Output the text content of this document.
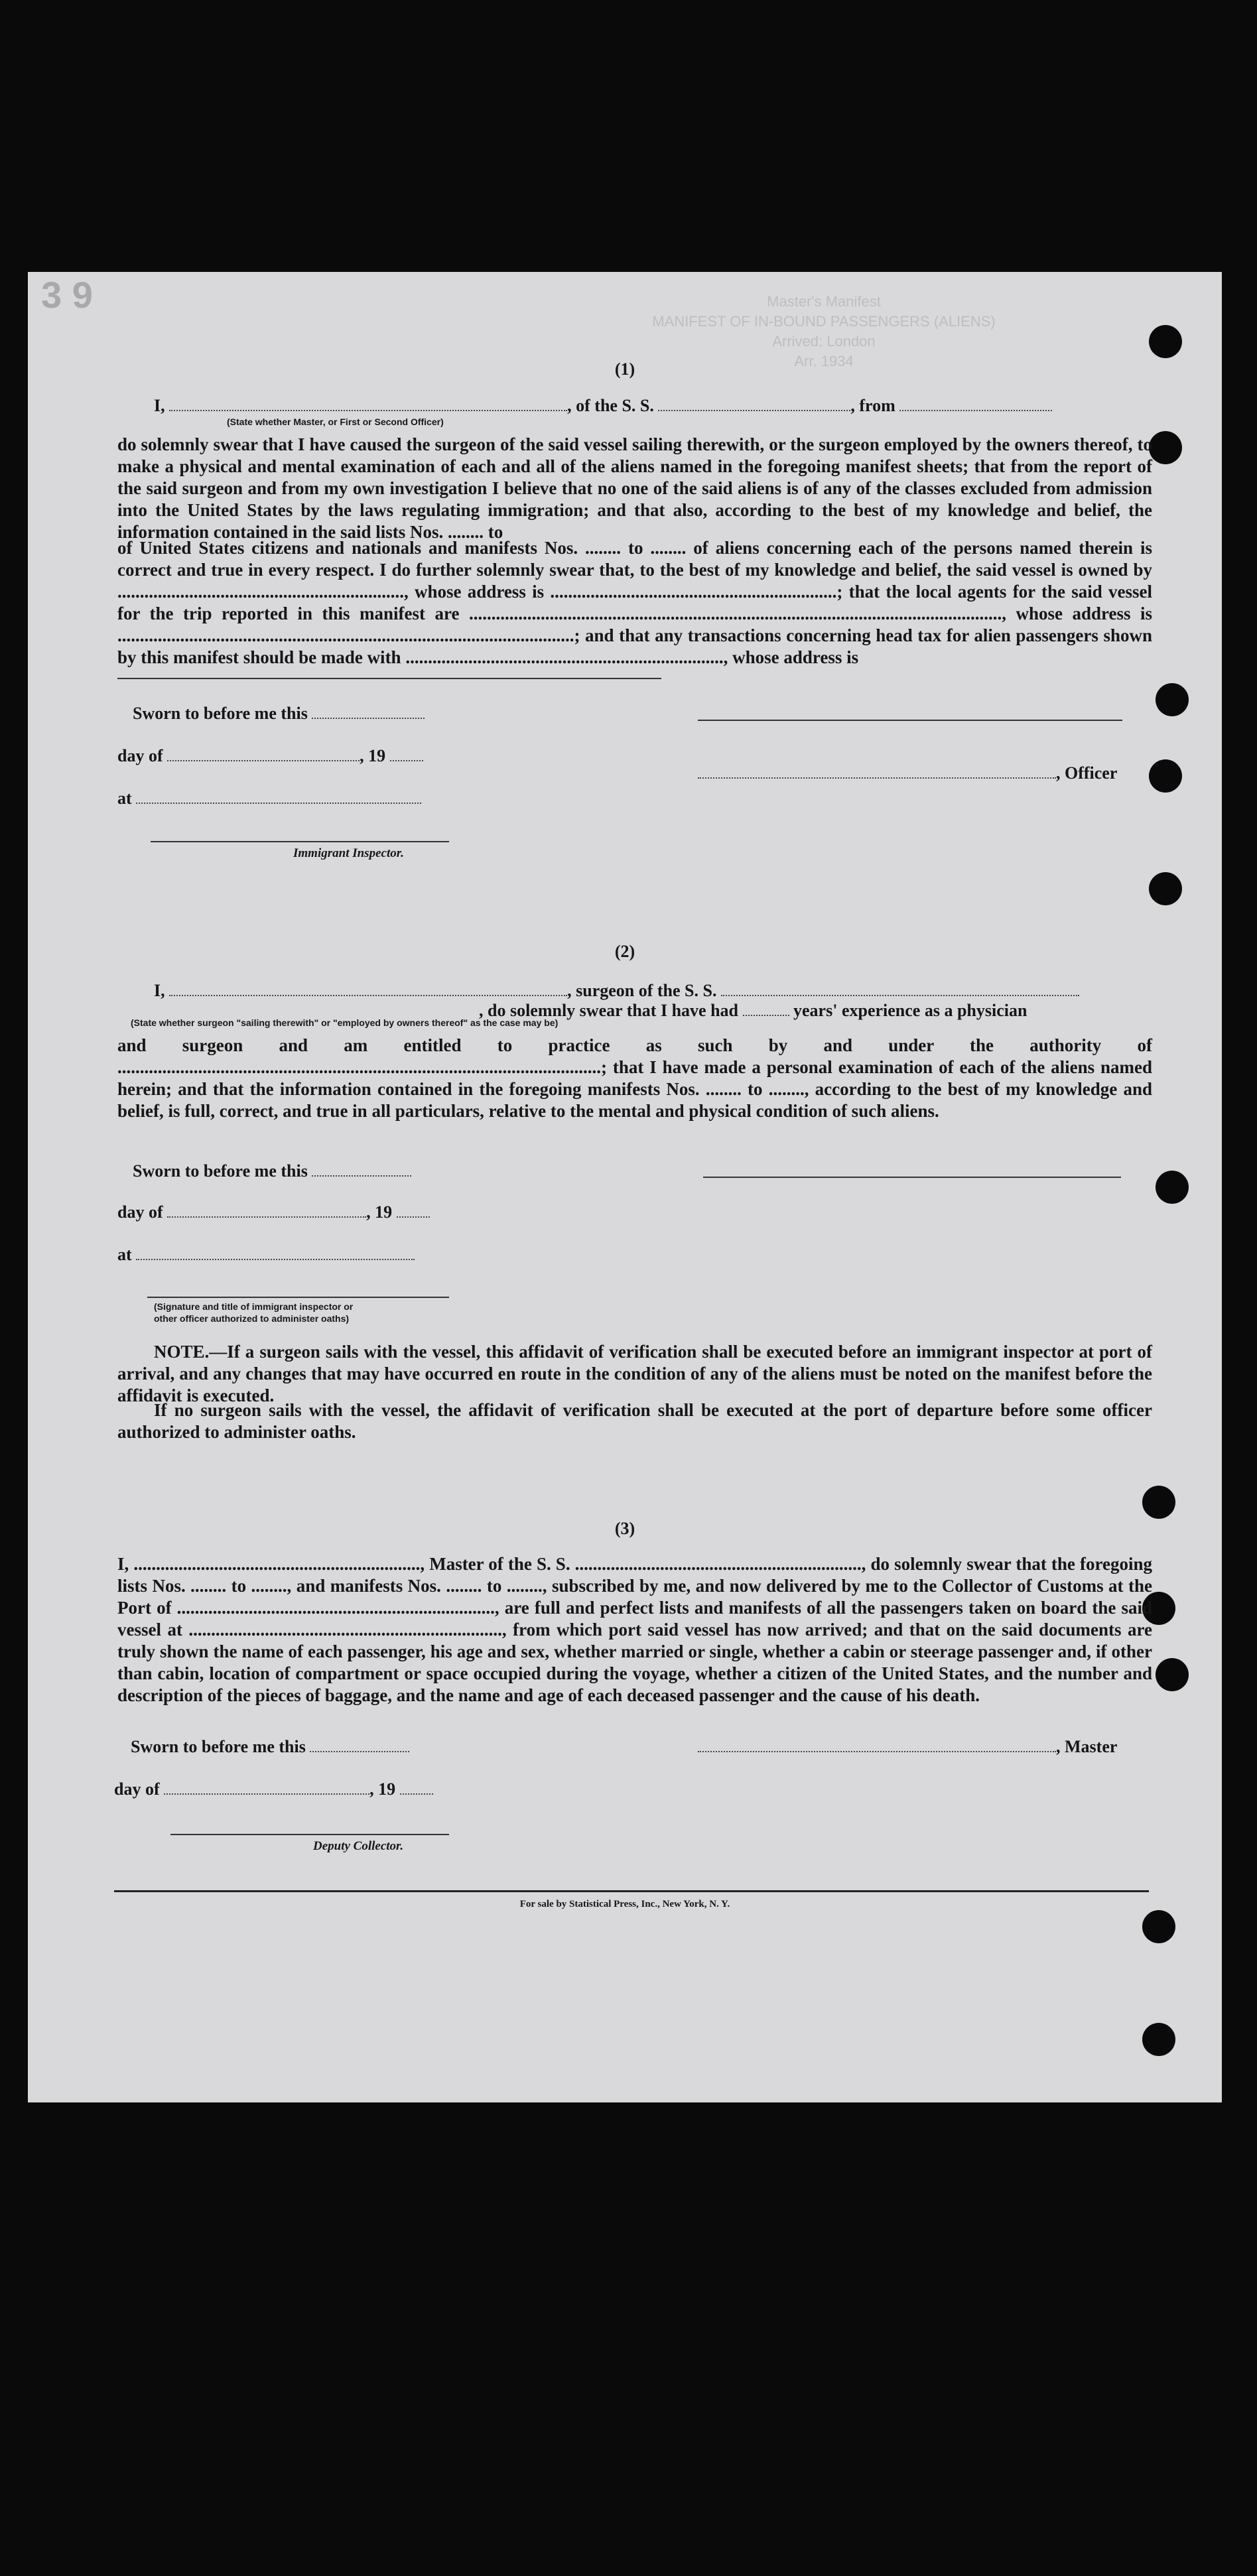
3 9	Master's Manifest
MANIFEST OF IN-BOUND PASSENGERS (ALIENS)
Arrived: London
Arr. 1934
(1)
I,	, of the S. S.	, from
(State whether Master, or First or Second Officer)
do solemnly swear that I have caused the surgeon of the said vessel sailing therewith, or the surgeon employed by the owners thereof, to make a physical and mental examination of each and all of the aliens named in the foregoing manifest sheets; that from the report of the said surgeon and from my own investigation I believe that no one of the said aliens is of any of the classes excluded from admission into the United States by the laws regulating immigration; and that also, according to the best of my knowledge and belief, the information contained in the said lists Nos. ........ to
of United States citizens and nationals and manifests Nos. ........ to ........ of aliens concerning each of the persons named therein is correct and true in every respect. I do further solemnly swear that, to the best of my knowledge and belief, the said vessel is owned by ................................................................, whose address is ................................................................; that the local agents for the said vessel for the trip reported in this manifest are ......................................................................................................................., whose address is ......................................................................................................; and that any transactions concerning head tax for alien passengers shown by this manifest should be made with ......................................................................., whose address is
Sworn to before me this
day of	, 19
, Officer
at
Immigrant Inspector.
(2)
I,	, surgeon of the S. S.
, do solemnly swear that I have had	years' experience as a physician
(State whether surgeon "sailing therewith" or "employed by owners thereof" as the case may be)
and surgeon and am entitled to practice as such by and under the authority of ............................................................................................................; that I have made a personal examination of each of the aliens named herein; and that the information contained in the foregoing manifests Nos. ........ to ........, according to the best of my knowledge and belief, is full, correct, and true in all particulars, relative to the mental and physical condition of such aliens.
Sworn to before me this
day of	, 19
at
(Signature and title of immigrant inspector or
other officer authorized to administer oaths)
NOTE.—If a surgeon sails with the vessel, this affidavit of verification shall be executed before an immigrant inspector at port of arrival, and any changes that may have occurred en route in the condition of any of the aliens must be noted on the manifest before the affidavit is executed.
If no surgeon sails with the vessel, the affidavit of verification shall be executed at the port of departure before some officer authorized to administer oaths.
(3)
I, ................................................................, Master of the S. S. ................................................................, do solemnly swear that the foregoing lists Nos. ........ to ........, and manifests Nos. ........ to ........, subscribed by me, and now delivered by me to the Collector of Customs at the Port of ......................................................................., are full and perfect lists and manifests of all the passengers taken on board the said vessel at ......................................................................, from which port said vessel has now arrived; and that on the said documents are truly shown the name of each passenger, his age and sex, whether married or single, whether a cabin or steerage passenger and, if other than cabin, location of compartment or space occupied during the voyage, whether a citizen of the United States, and the number and description of the pieces of baggage, and the name and age of each deceased passenger and the cause of his death.
Sworn to before me this	, Master
day of	, 19
Deputy Collector.
For sale by Statistical Press, Inc., New York, N. Y.
